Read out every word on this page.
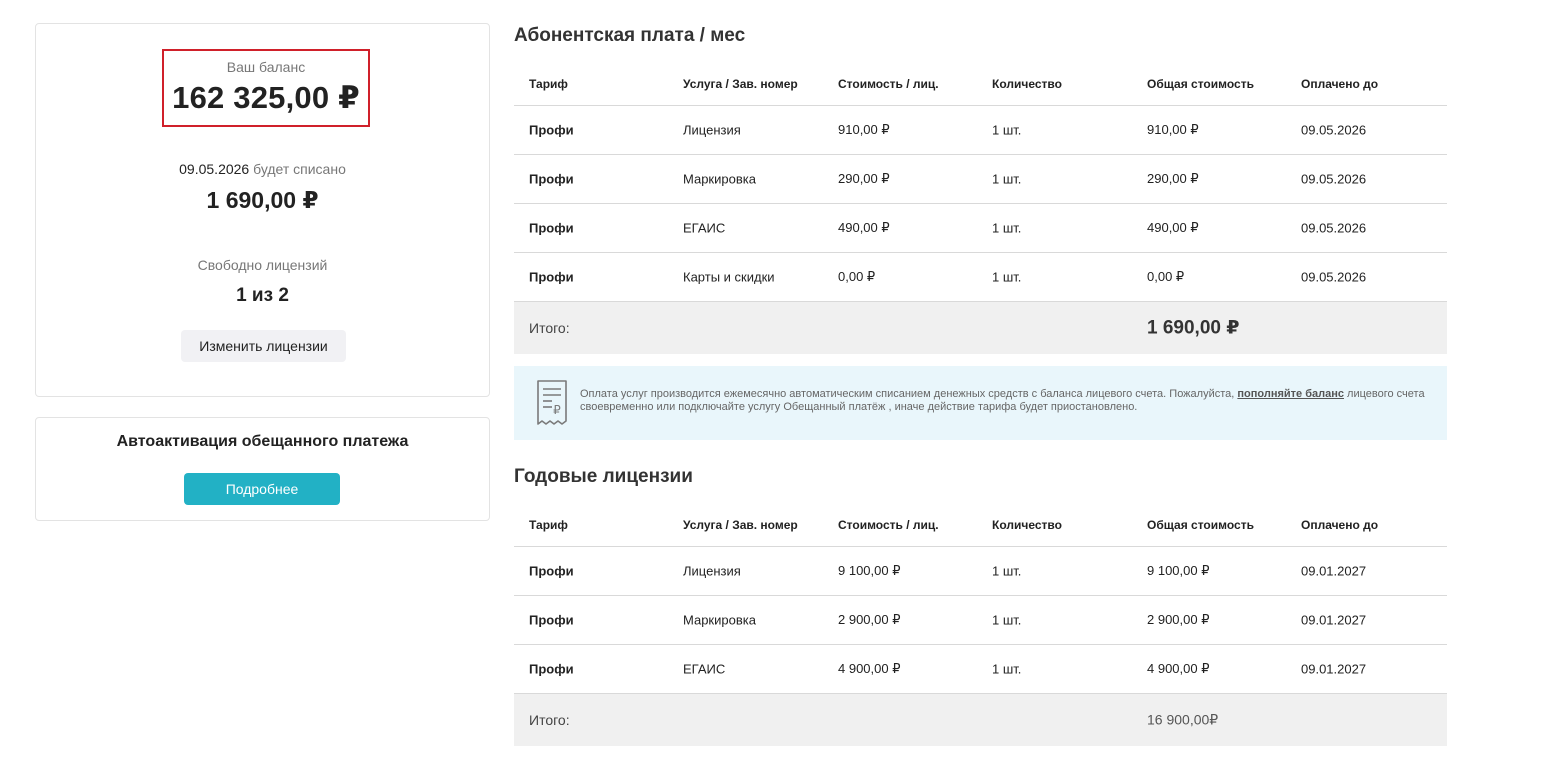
Ваш баланс
162 325,00 ₽
09.05.2026 будет списано
1 690,00 ₽
Свободно лицензий
1 из 2
Изменить лицензии
Автоактивация обещанного платежа
Подробнее
Абонентская плата / мес
Тариф	Услуга / Зав. номер	Стоимость / лиц.	Количество	Общая стоимость	Оплачено до
Профи	Лицензия	910,00 ₽	1 шт.	910,00 ₽	09.05.2026
Профи	Маркировка	290,00 ₽	1 шт.	290,00 ₽	09.05.2026
Профи	ЕГАИС	490,00 ₽	1 шт.	490,00 ₽	09.05.2026
Профи	Карты и скидки	0,00 ₽	1 шт.	0,00 ₽	09.05.2026
Итого:	1 690,00 ₽
₽
Оплата услуг производится ежемесячно автоматическим списанием денежных средств с баланса лицевого счета. Пожалуйста, пополняйте баланс лицевого счета своевременно или подключайте услугу Обещанный платёж , иначе действие тарифа будет приостановлено.
Годовые лицензии
Тариф	Услуга / Зав. номер	Стоимость / лиц.	Количество	Общая стоимость	Оплачено до
Профи	Лицензия	9 100,00 ₽	1 шт.	9 100,00 ₽	09.01.2027
Профи	Маркировка	2 900,00 ₽	1 шт.	2 900,00 ₽	09.01.2027
Профи	ЕГАИС	4 900,00 ₽	1 шт.	4 900,00 ₽	09.01.2027
Итого:	16 900,00₽
